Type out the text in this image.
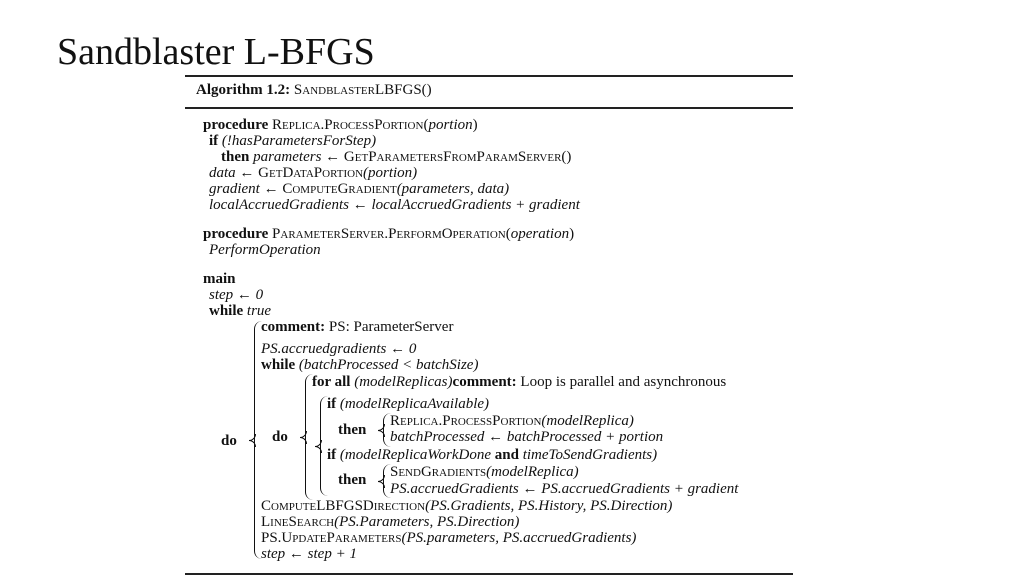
Sandblaster L-BFGS
Algorithm 1.2: SandblasterLBFGS()
procedure Replica.ProcessPortion(portion)
if (!hasParametersForStep)
then parameters ← GetParametersFromParamServer()
data ← GetDataPortion(portion)
gradient ← ComputeGradient(parameters, data)
localAccruedGradients ← localAccruedGradients + gradient
procedure ParameterServer.PerformOperation(operation)
PerformOperation
main
step ← 0
while true
do
comment: PS: ParameterServer
PS.accruedgradients ← 0
while (batchProcessed < batchSize)
do
for all (modelReplicas)comment: Loop is parallel and asynchronous
if (modelReplicaAvailable)
then
Replica.ProcessPortion(modelReplica)
batchProcessed ← batchProcessed + portion
if (modelReplicaWorkDone and timeToSendGradients)
then SendGradients(modelReplica)
PS.accruedGradients ← PS.accruedGradients + gradient
ComputeLBFGSDirection(PS.Gradients, PS.History, PS.Direction)
LineSearch(PS.Parameters, PS.Direction)
PS.UpdateParameters(PS.parameters, PS.accruedGradients)
step ← step + 1
